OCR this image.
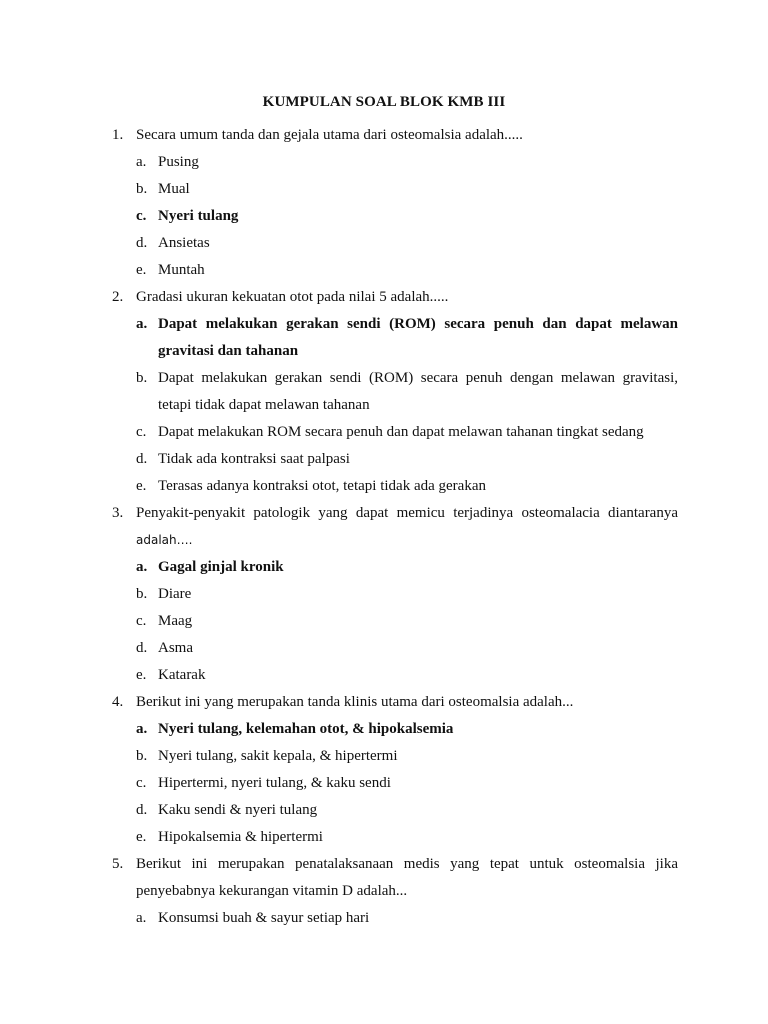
KUMPULAN SOAL BLOK KMB III
1. Secara umum tanda dan gejala utama dari osteomalsia adalah.....

a. Pusing
b. Mual
c. Nyeri tulang
d. Ansietas
e. Muntah
2. Gradasi ukuran kekuatan otot pada nilai 5 adalah.....

a. Dapat melakukan gerakan sendi (ROM) secara penuh dan dapat melawan gravitasi dan tahanan
b. Dapat melakukan gerakan sendi (ROM) secara penuh dengan melawan gravitasi, tetapi tidak dapat melawan tahanan
c. Dapat melakukan ROM secara penuh dan dapat melawan tahanan tingkat sedang
d. Tidak ada kontraksi saat palpasi
e. Terasas adanya kontraksi otot, tetapi tidak ada gerakan
3. Penyakit-penyakit patologik yang dapat memicu terjadinya osteomalacia diantaranya adalah….

a. Gagal ginjal kronik
b. Diare
c. Maag
d. Asma
e. Katarak
4. Berikut ini yang merupakan tanda klinis utama dari osteomalsia adalah...

a. Nyeri tulang, kelemahan otot, & hipokalsemia
b. Nyeri tulang, sakit kepala, & hipertermi
c. Hipertermi, nyeri tulang, & kaku sendi
d. Kaku sendi & nyeri tulang
e. Hipokalsemia & hipertermi
5. Berikut ini merupakan penatalaksanaan medis yang tepat untuk osteomalsia jika penyebabnya kekurangan vitamin D adalah...

a. Konsumsi buah & sayur setiap hari
